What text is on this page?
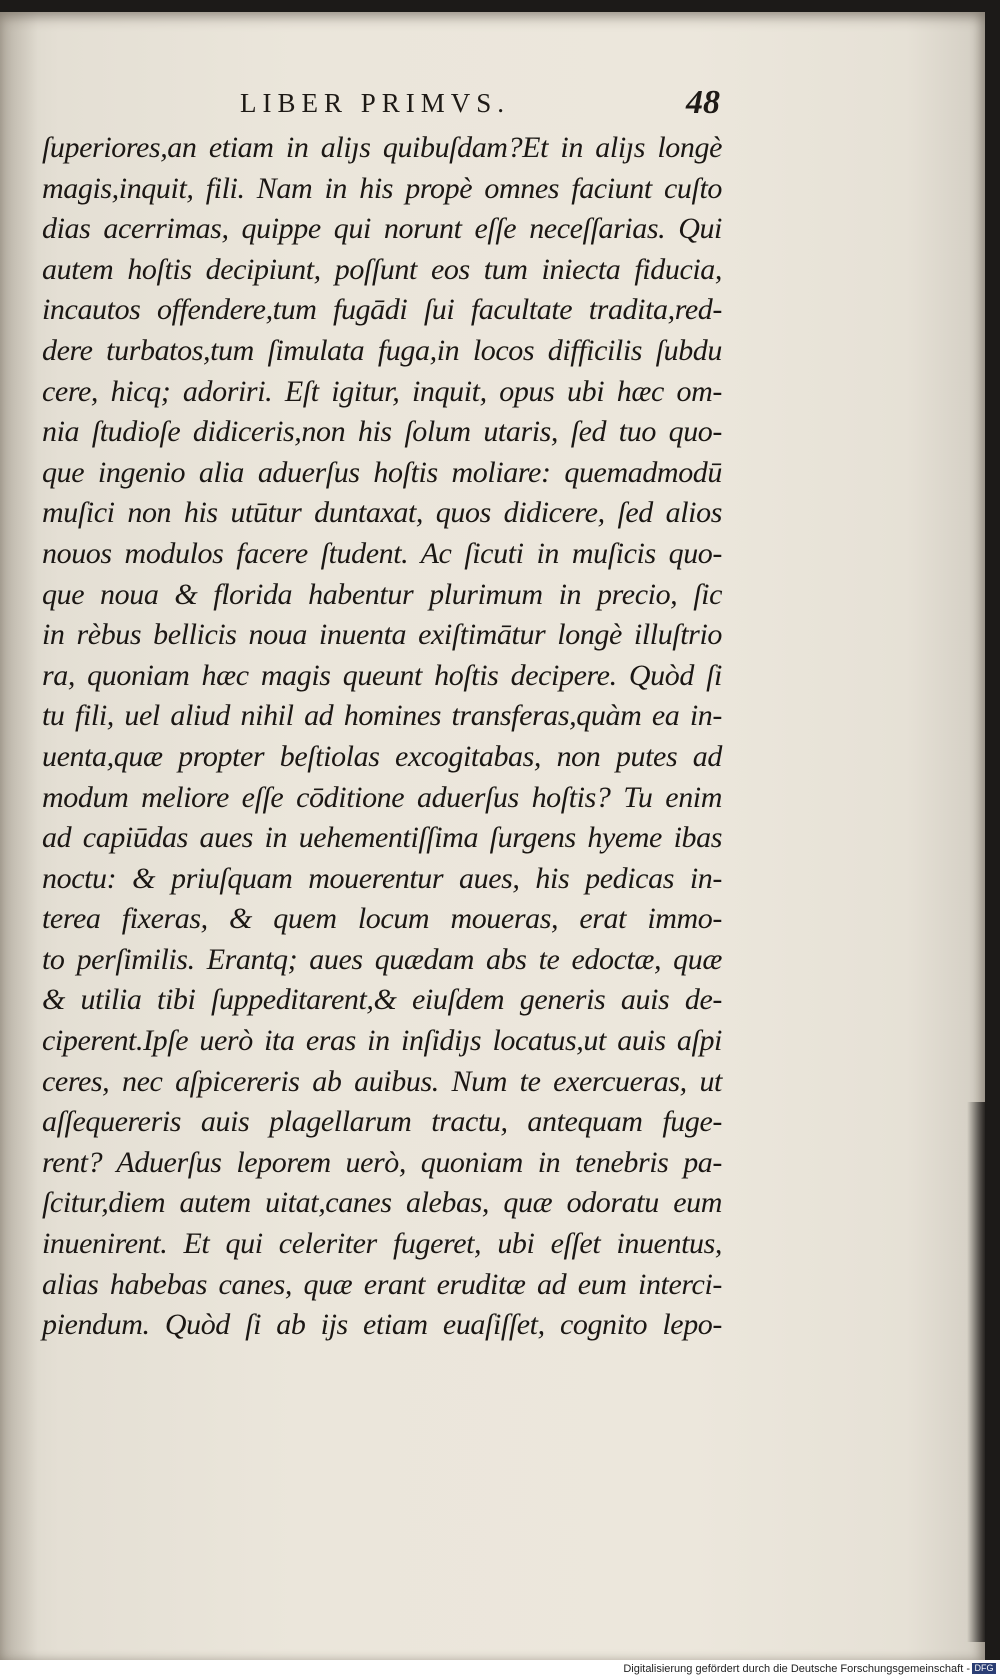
LIBER PRIMVS.	48
ſuperiores,an etiam in aliȷs quibuſdam?Et in aliȷs longè
magis,inquit, fili. Nam in his propè omnes faciunt cuſto
dias acerrimas, quippe qui norunt eſſe neceſſarias. Qui
autem hoſtis decipiunt, poſſunt eos tum iniecta fiducia,
incautos offendere,tum fugādi ſui facultate tradita,red-
dere turbatos,tum ſimulata fuga,in locos difficilis ſubdu
cere, hicq; adoriri. Eſt igitur, inquit, opus ubi hæc om-
nia ſtudioſe didiceris,non his ſolum utaris, ſed tuo quo-
que ingenio alia aduerſus hoſtis moliare: quemadmodū
muſici non his utūtur duntaxat, quos didicere, ſed alios
nouos modulos facere ſtudent. Ac ſicuti in muſicis quo-
que noua & florida habentur plurimum in precio, ſic
in rèbus bellicis noua inuenta exiſtimātur longè illuſtrio
ra, quoniam hæc magis queunt hoſtis decipere. Quòd ſi
tu fili, uel aliud nihil ad homines transferas,quàm ea in-
uenta,quæ propter beſtiolas excogitabas, non putes ad
modum meliore eſſe cōditione aduerſus hoſtis? Tu enim
ad capiūdas aues in uehementiſſima ſurgens hyeme ibas
noctu: & priuſquam mouerentur aues, his pedicas in-
terea fixeras, & quem locum moueras, erat immo-
to perſimilis. Erantq; aues quædam abs te edoctæ, quæ
& utilia tibi ſuppeditarent,& eiuſdem generis auis de-
ciperent.Ipſe uerò ita eras in inſidiȷs locatus,ut auis aſpi
ceres, nec aſpicereris ab auibus. Num te exercueras, ut
aſſequereris auis plagellarum tractu, antequam fuge-
rent? Aduerſus leporem uerò, quoniam in tenebris pa-
ſcitur,diem autem uitat,canes alebas, quæ odoratu eum
inuenirent. Et qui celeriter fugeret, ubi eſſet inuentus,
alias habebas canes, quæ erant eruditæ ad eum interci-
piendum. Quòd ſi ab ijs etiam euaſiſſet, cognito lepo-
Digitalisierung gefördert durch die Deutsche Forschungsgemeinschaft - DFG
